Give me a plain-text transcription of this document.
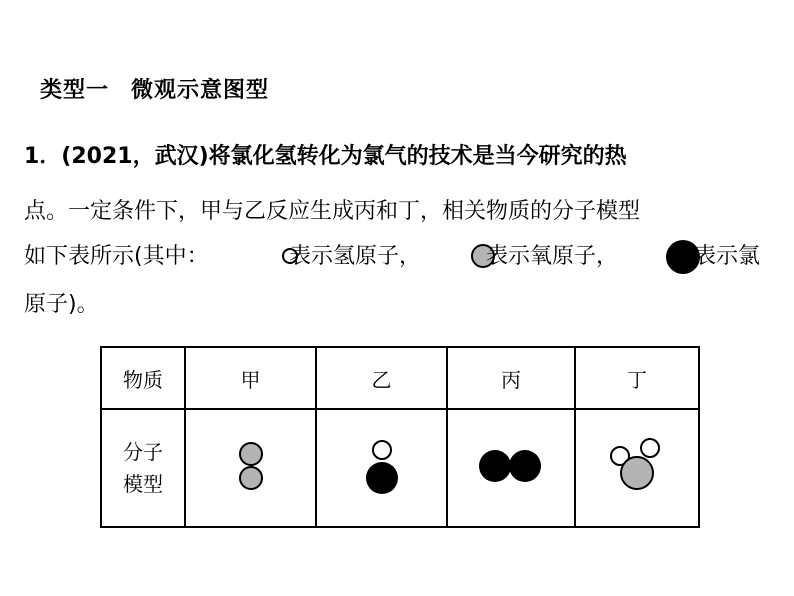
类型一 微观示意图型
1．(2021，武汉)将氯化氢转化为氯气的技术是当今研究的热
点。一定条件下，甲与乙反应生成丙和丁，相关物质的分子模型
如下表所示(其中：	表示氢原子，	表示氧原子，	表示氯
原子)。
物质	甲	乙	丙	丁

分子
模型
